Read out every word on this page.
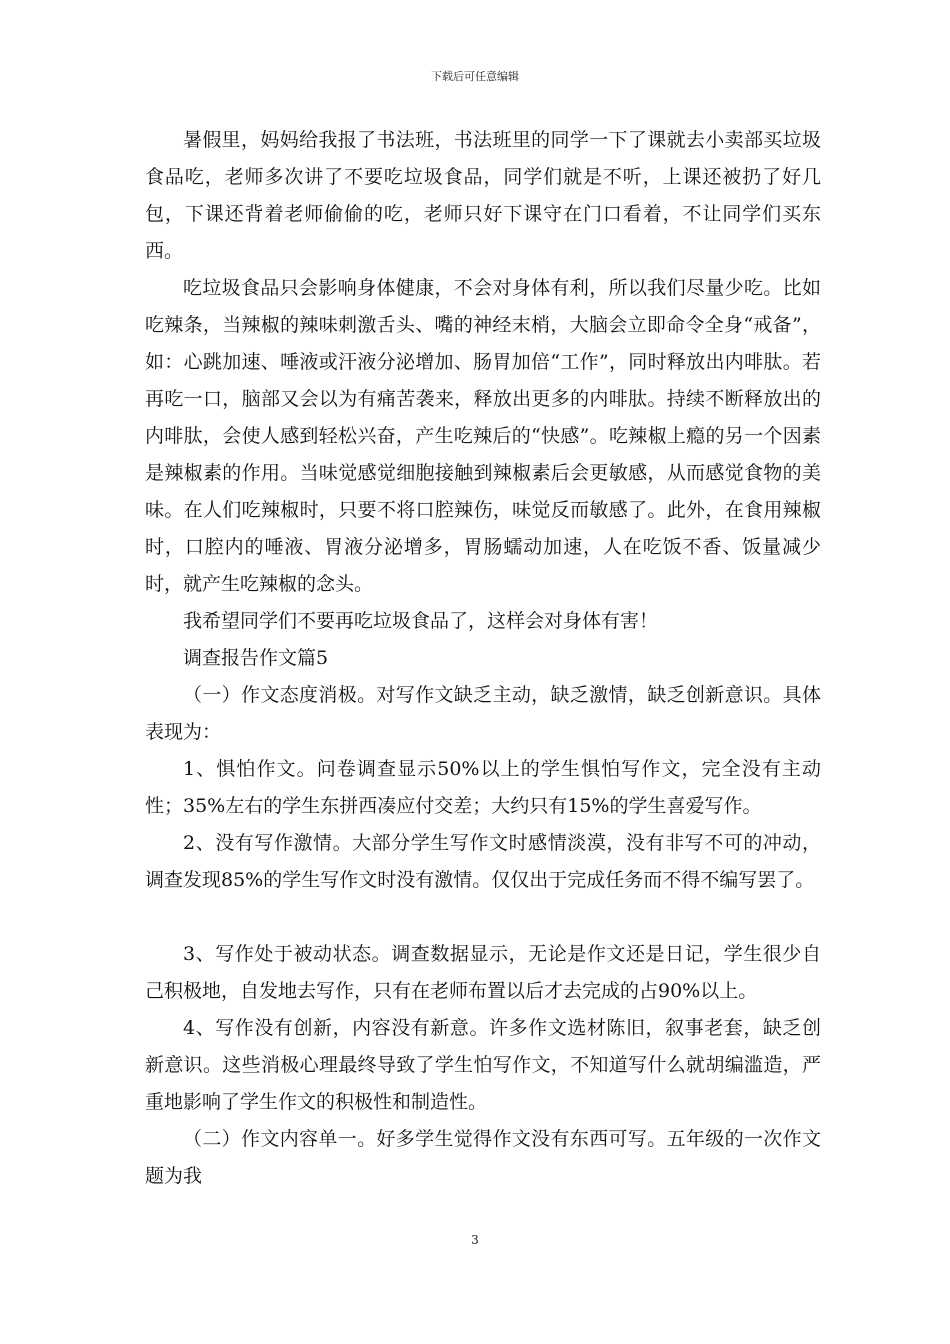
下载后可任意编辑

暑假里，妈妈给我报了书法班，书法班里的同学一下了课就去小卖部买垃圾食品吃，老师多次讲了不要吃垃圾食品，同学们就是不听，上课还被扔了好几包，下课还背着老师偷偷的吃，老师只好下课守在门口看着，不让同学们买东西。

吃垃圾食品只会影响身体健康，不会对身体有利，所以我们尽量少吃。比如吃辣条，当辣椒的辣味刺激舌头、嘴的神经末梢，大脑会立即命令全身“戒备”，如：心跳加速、唾液或汗液分泌增加、肠胃加倍“工作”，同时释放出内啡肽。若再吃一口，脑部又会以为有痛苦袭来，释放出更多的内啡肽。持续不断释放出的内啡肽，会使人感到轻松兴奋，产生吃辣后的“快感”。吃辣椒上瘾的另一个因素是辣椒素的作用。当味觉感觉细胞接触到辣椒素后会更敏感，从而感觉食物的美味。在人们吃辣椒时，只要不将口腔辣伤，味觉反而敏感了。此外，在食用辣椒时，口腔内的唾液、胃液分泌增多，胃肠蠕动加速，人在吃饭不香、饭量减少时，就产生吃辣椒的念头。

我希望同学们不要再吃垃圾食品了，这样会对身体有害！

调查报告作文篇5

（一）作文态度消极。对写作文缺乏主动，缺乏激情，缺乏创新意识。具体表现为：

1、惧怕作文。问卷调查显示50%以上的学生惧怕写作文，完全没有主动性；35%左右的学生东拼西凑应付交差；大约只有15%的学生喜爱写作。

2、没有写作激情。大部分学生写作文时感情淡漠，没有非写不可的冲动，调查发现85%的学生写作文时没有激情。仅仅出于完成任务而不得不编写罢了。

3、写作处于被动状态。调查数据显示，无论是作文还是日记，学生很少自己积极地，自发地去写作，只有在老师布置以后才去完成的占90%以上。

4、写作没有创新，内容没有新意。许多作文选材陈旧，叙事老套，缺乏创新意识。这些消极心理最终导致了学生怕写作文，不知道写什么就胡编滥造，严重地影响了学生作文的积极性和制造性。

（二）作文内容单一。好多学生觉得作文没有东西可写。五年级的一次作文题为我

3
